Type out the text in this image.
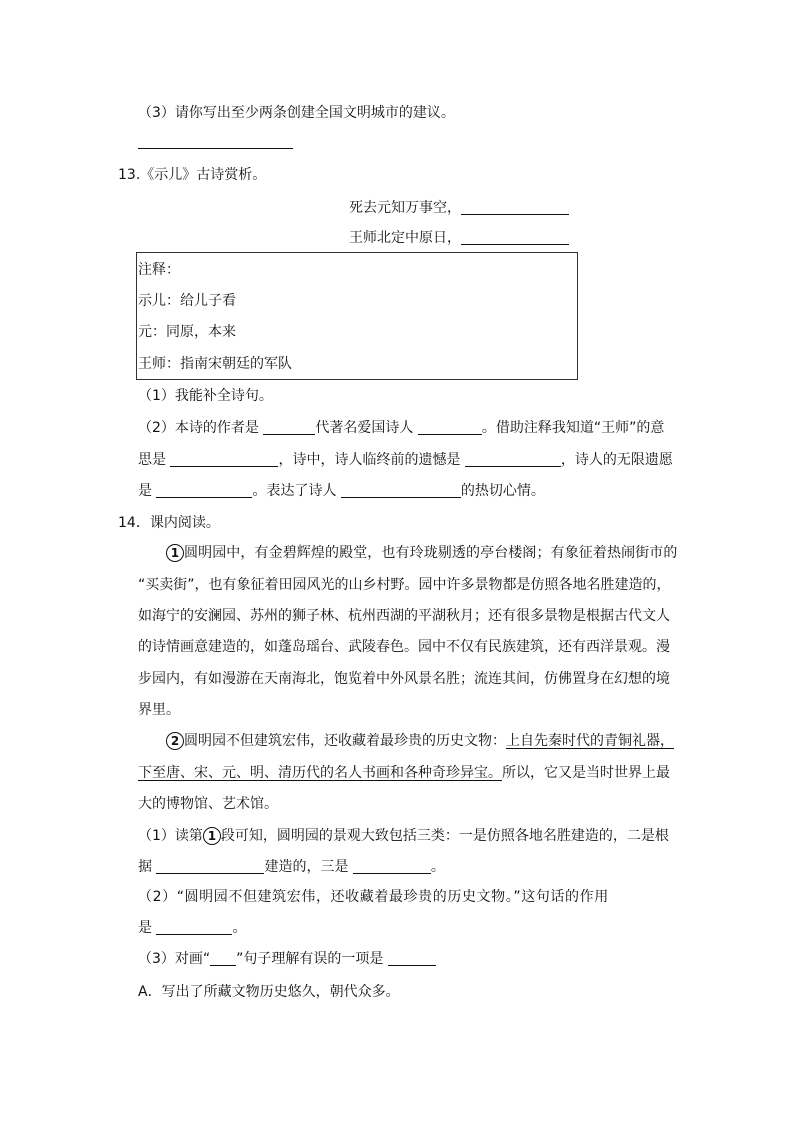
（3）请你写出至少两条创建全国文明城市的建议。
13.《示儿》古诗赏析。
死去元知万事空，
王师北定中原日，
注释：
示儿：给儿子看
元：同原，本来
王师：指南宋朝廷的军队
（1）我能补全诗句。
（2）本诗的作者是	代著名爱国诗人	。借助注释我知道“王师”的意
思是	，诗中，诗人临终前的遗憾是	，诗人的无限遗愿
是	。表达了诗人	的热切心情。
14．课内阅读。
1 圆明园中，有金碧辉煌的殿堂，也有玲珑剔透的亭台楼阁；有象征着热闹街市的
“买卖街”，也有象征着田园风光的山乡村野。园中许多景物都是仿照各地名胜建造的，
如海宁的安澜园、苏州的狮子林、杭州西湖的平湖秋月；还有很多景物是根据古代文人
的诗情画意建造的，如蓬岛瑶台、武陵春色。园中不仅有民族建筑，还有西洋景观。漫
步园内，有如漫游在天南海北，饱览着中外风景名胜；流连其间，仿佛置身在幻想的境
界里。
2 圆明园不但建筑宏伟，还收藏着最珍贵的历史文物：上自先秦时代的青铜礼器，
下至唐、宋、元、明、清历代的名人书画和各种奇珍异宝。所以，它又是当时世界上最
大的博物馆、艺术馆。
（1）读第 1 段可知，圆明园的景观大致包括三类：一是仿照各地名胜建造的，二是根
据	建造的，三是	。
（2）“圆明园不但建筑宏伟，还收藏着最珍贵的历史文物。”这句话的作用
是	。
（3）对画“ ”句子理解有误的一项是
A．写出了所藏文物历史悠久，朝代众多。
